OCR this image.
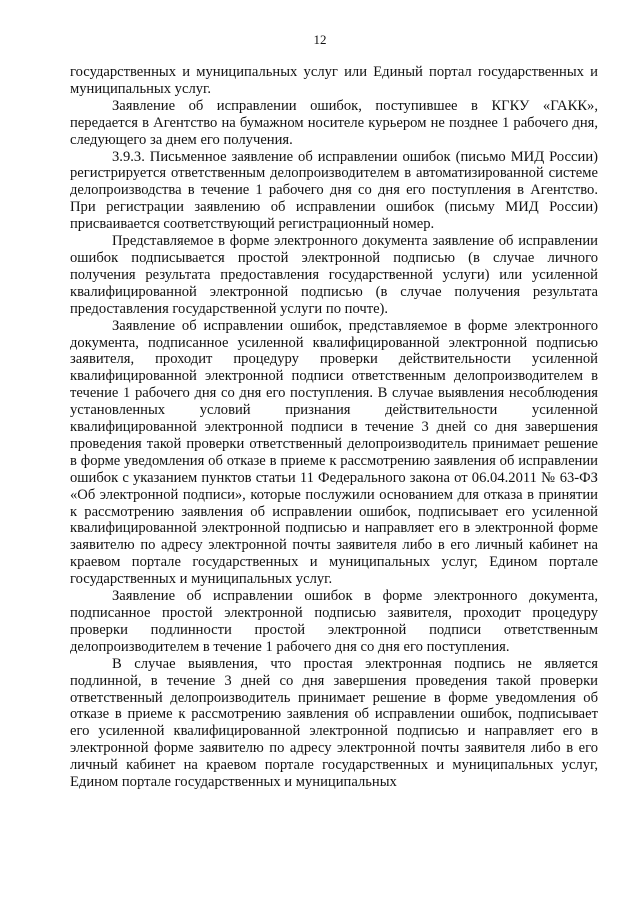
12

государственных и муниципальных услуг или Единый портал государственных и муниципальных услуг.

Заявление об исправлении ошибок, поступившее в КГКУ «ГАКК», передается в Агентство на бумажном носителе курьером не позднее 1 рабочего дня, следующего за днем его получения.

3.9.3. Письменное заявление об исправлении ошибок (письмо МИД России) регистрируется ответственным делопроизводителем в автоматизированной системе делопроизводства в течение 1 рабочего дня со дня его поступления в Агентство. При регистрации заявлению об исправлении ошибок (письму МИД России) присваивается соответствующий регистрационный номер.

Представляемое в форме электронного документа заявление об исправлении ошибок подписывается простой электронной подписью (в случае личного получения результата предоставления государственной услуги) или усиленной квалифицированной электронной подписью (в случае получения результата предоставления государственной услуги по почте).

Заявление об исправлении ошибок, представляемое в форме электронного документа, подписанное усиленной квалифицированной электронной подписью заявителя, проходит процедуру проверки действительности усиленной квалифицированной электронной подписи ответственным делопроизводителем в течение 1 рабочего дня со дня его поступления. В случае выявления несоблюдения установленных условий признания действительности усиленной квалифицированной электронной подписи в течение 3 дней со дня завершения проведения такой проверки ответственный делопроизводитель принимает решение в форме уведомления об отказе в приеме к рассмотрению заявления об исправлении ошибок с указанием пунктов статьи 11 Федерального закона от 06.04.2011 № 63-ФЗ «Об электронной подписи», которые послужили основанием для отказа в принятии к рассмотрению заявления об исправлении ошибок, подписывает его усиленной квалифицированной электронной подписью и направляет его в электронной форме заявителю по адресу электронной почты заявителя либо в его личный кабинет на краевом портале государственных и муниципальных услуг, Едином портале государственных и муниципальных услуг.

Заявление об исправлении ошибок в форме электронного документа, подписанное простой электронной подписью заявителя, проходит процедуру проверки подлинности простой электронной подписи ответственным делопроизводителем в течение 1 рабочего дня со дня его поступления.

В случае выявления, что простая электронная подпись не является подлинной, в течение 3 дней со дня завершения проведения такой проверки ответственный делопроизводитель принимает решение в форме уведомления об отказе в приеме к рассмотрению заявления об исправлении ошибок, подписывает его усиленной квалифицированной электронной подписью и направляет его в электронной форме заявителю по адресу электронной почты заявителя либо в его личный кабинет на краевом портале государственных и муниципальных услуг, Едином портале государственных и муниципальных
